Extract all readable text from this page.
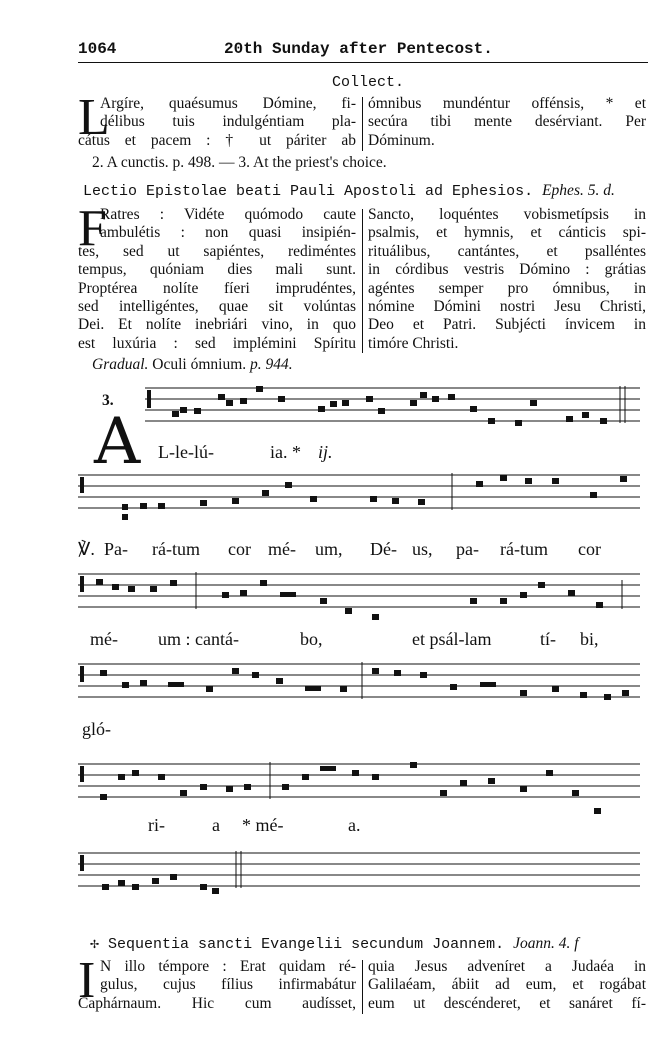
1064	20th Sunday after Pentecost.
Collect.
L
Argíre, quaésumus Dómine, fi-
délibus tuis indulgéntiam pla-
cátus et pacem : † ut páriter ab
ómnibus mundéntur offénsis, * et
secúra tibi mente desérviant. Per
Dóminum.
2. A cunctis. p. 498. — 3. At the priest's choice.
Lectio Epistolae beati Pauli Apostoli ad Ephesios. Ephes. 5. d.
F
Ratres : Vidéte quómodo caute
ambulétis : non quasi insipién-
tes, sed ut sapiéntes, rediméntes
tempus, quóniam dies mali sunt.
Proptérea nolíte fíeri imprudéntes,
sed intelligéntes, quae sit volúntas
Dei. Et nolíte inebriári vino, in quo
est luxúria : sed implémini Spíritu
Sancto, loquéntes vobismetípsis in
psalmis, et hymnis, et cánticis spi-
rituálibus, cantántes, et psalléntes
in córdibus vestris Dómino : grátias
agéntes semper pro ómnibus, in
nómine Dómini nostri Jesu Christi,
Deo et Patri. Subjécti ínvicem in
timóre Christi.
Gradual. Oculi ómnium. p. 944.
3.
A L-le-lú-	ia. * ij.
℣. Pa- rá-tum cor mé- um, Dé- us, pa- rá-tum cor
mé- um : cantá-	bo,	et psál-lam	tí- bi,
gló-
ri-	a * mé-	a.
✢ Sequentia sancti Evangelii secundum Joannem. Joann. 4. f
I N illo témpore : Erat quidam ré-
gulus, cujus fílius infirmabátur
Caphárnaum. Hic cum audísset,
quia Jesus adveníret a Judaéa in
Galilaéam, ábiit ad eum, et rogábat
eum ut descénderet, et sanáret fí-
